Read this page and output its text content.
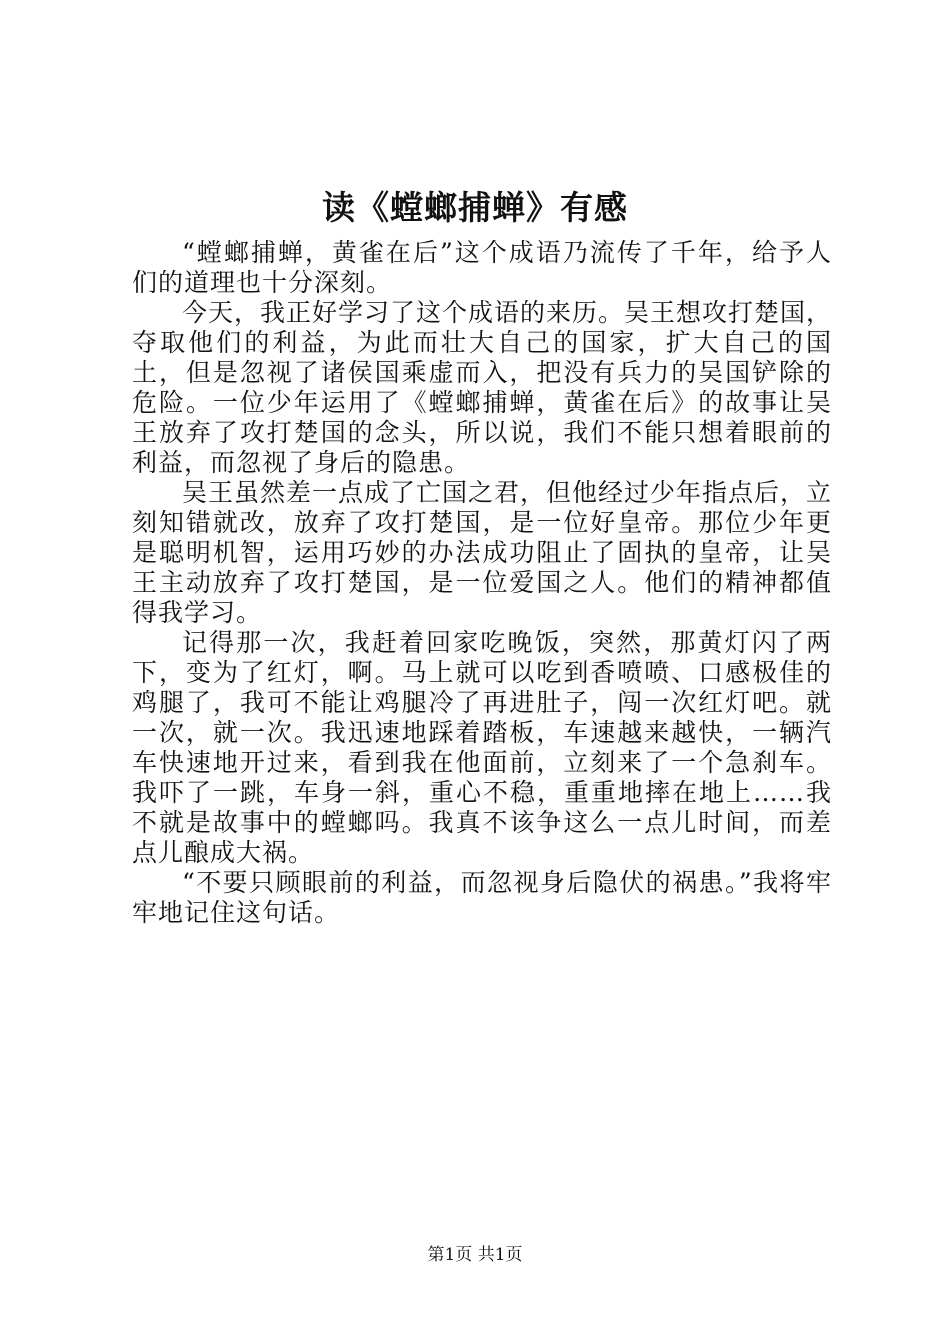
读《螳螂捕蝉》有感

“螳螂捕蝉，黄雀在后”这个成语乃流传了千年，给予人们的道理也十分深刻。

今天，我正好学习了这个成语的来历。吴王想攻打楚国，夺取他们的利益，为此而壮大自己的国家，扩大自己的国土，但是忽视了诸侯国乘虚而入，把没有兵力的吴国铲除的危险。一位少年运用了《螳螂捕蝉，黄雀在后》的故事让吴王放弃了攻打楚国的念头，所以说，我们不能只想着眼前的利益，而忽视了身后的隐患。

吴王虽然差一点成了亡国之君，但他经过少年指点后，立刻知错就改，放弃了攻打楚国，是一位好皇帝。那位少年更是聪明机智，运用巧妙的办法成功阻止了固执的皇帝，让吴王主动放弃了攻打楚国，是一位爱国之人。他们的精神都值得我学习。

记得那一次，我赶着回家吃晚饭，突然，那黄灯闪了两下，变为了红灯，啊。马上就可以吃到香喷喷、口感极佳的鸡腿了，我可不能让鸡腿冷了再进肚子，闯一次红灯吧。就一次，就一次。我迅速地踩着踏板，车速越来越快，一辆汽车快速地开过来，看到我在他面前，立刻来了一个急刹车。我吓了一跳，车身一斜，重心不稳，重重地摔在地上……我不就是故事中的螳螂吗。我真不该争这么一点儿时间，而差点儿酿成大祸。

“不要只顾眼前的利益，而忽视身后隐伏的祸患。”我将牢牢地记住这句话。

第1页 共1页
